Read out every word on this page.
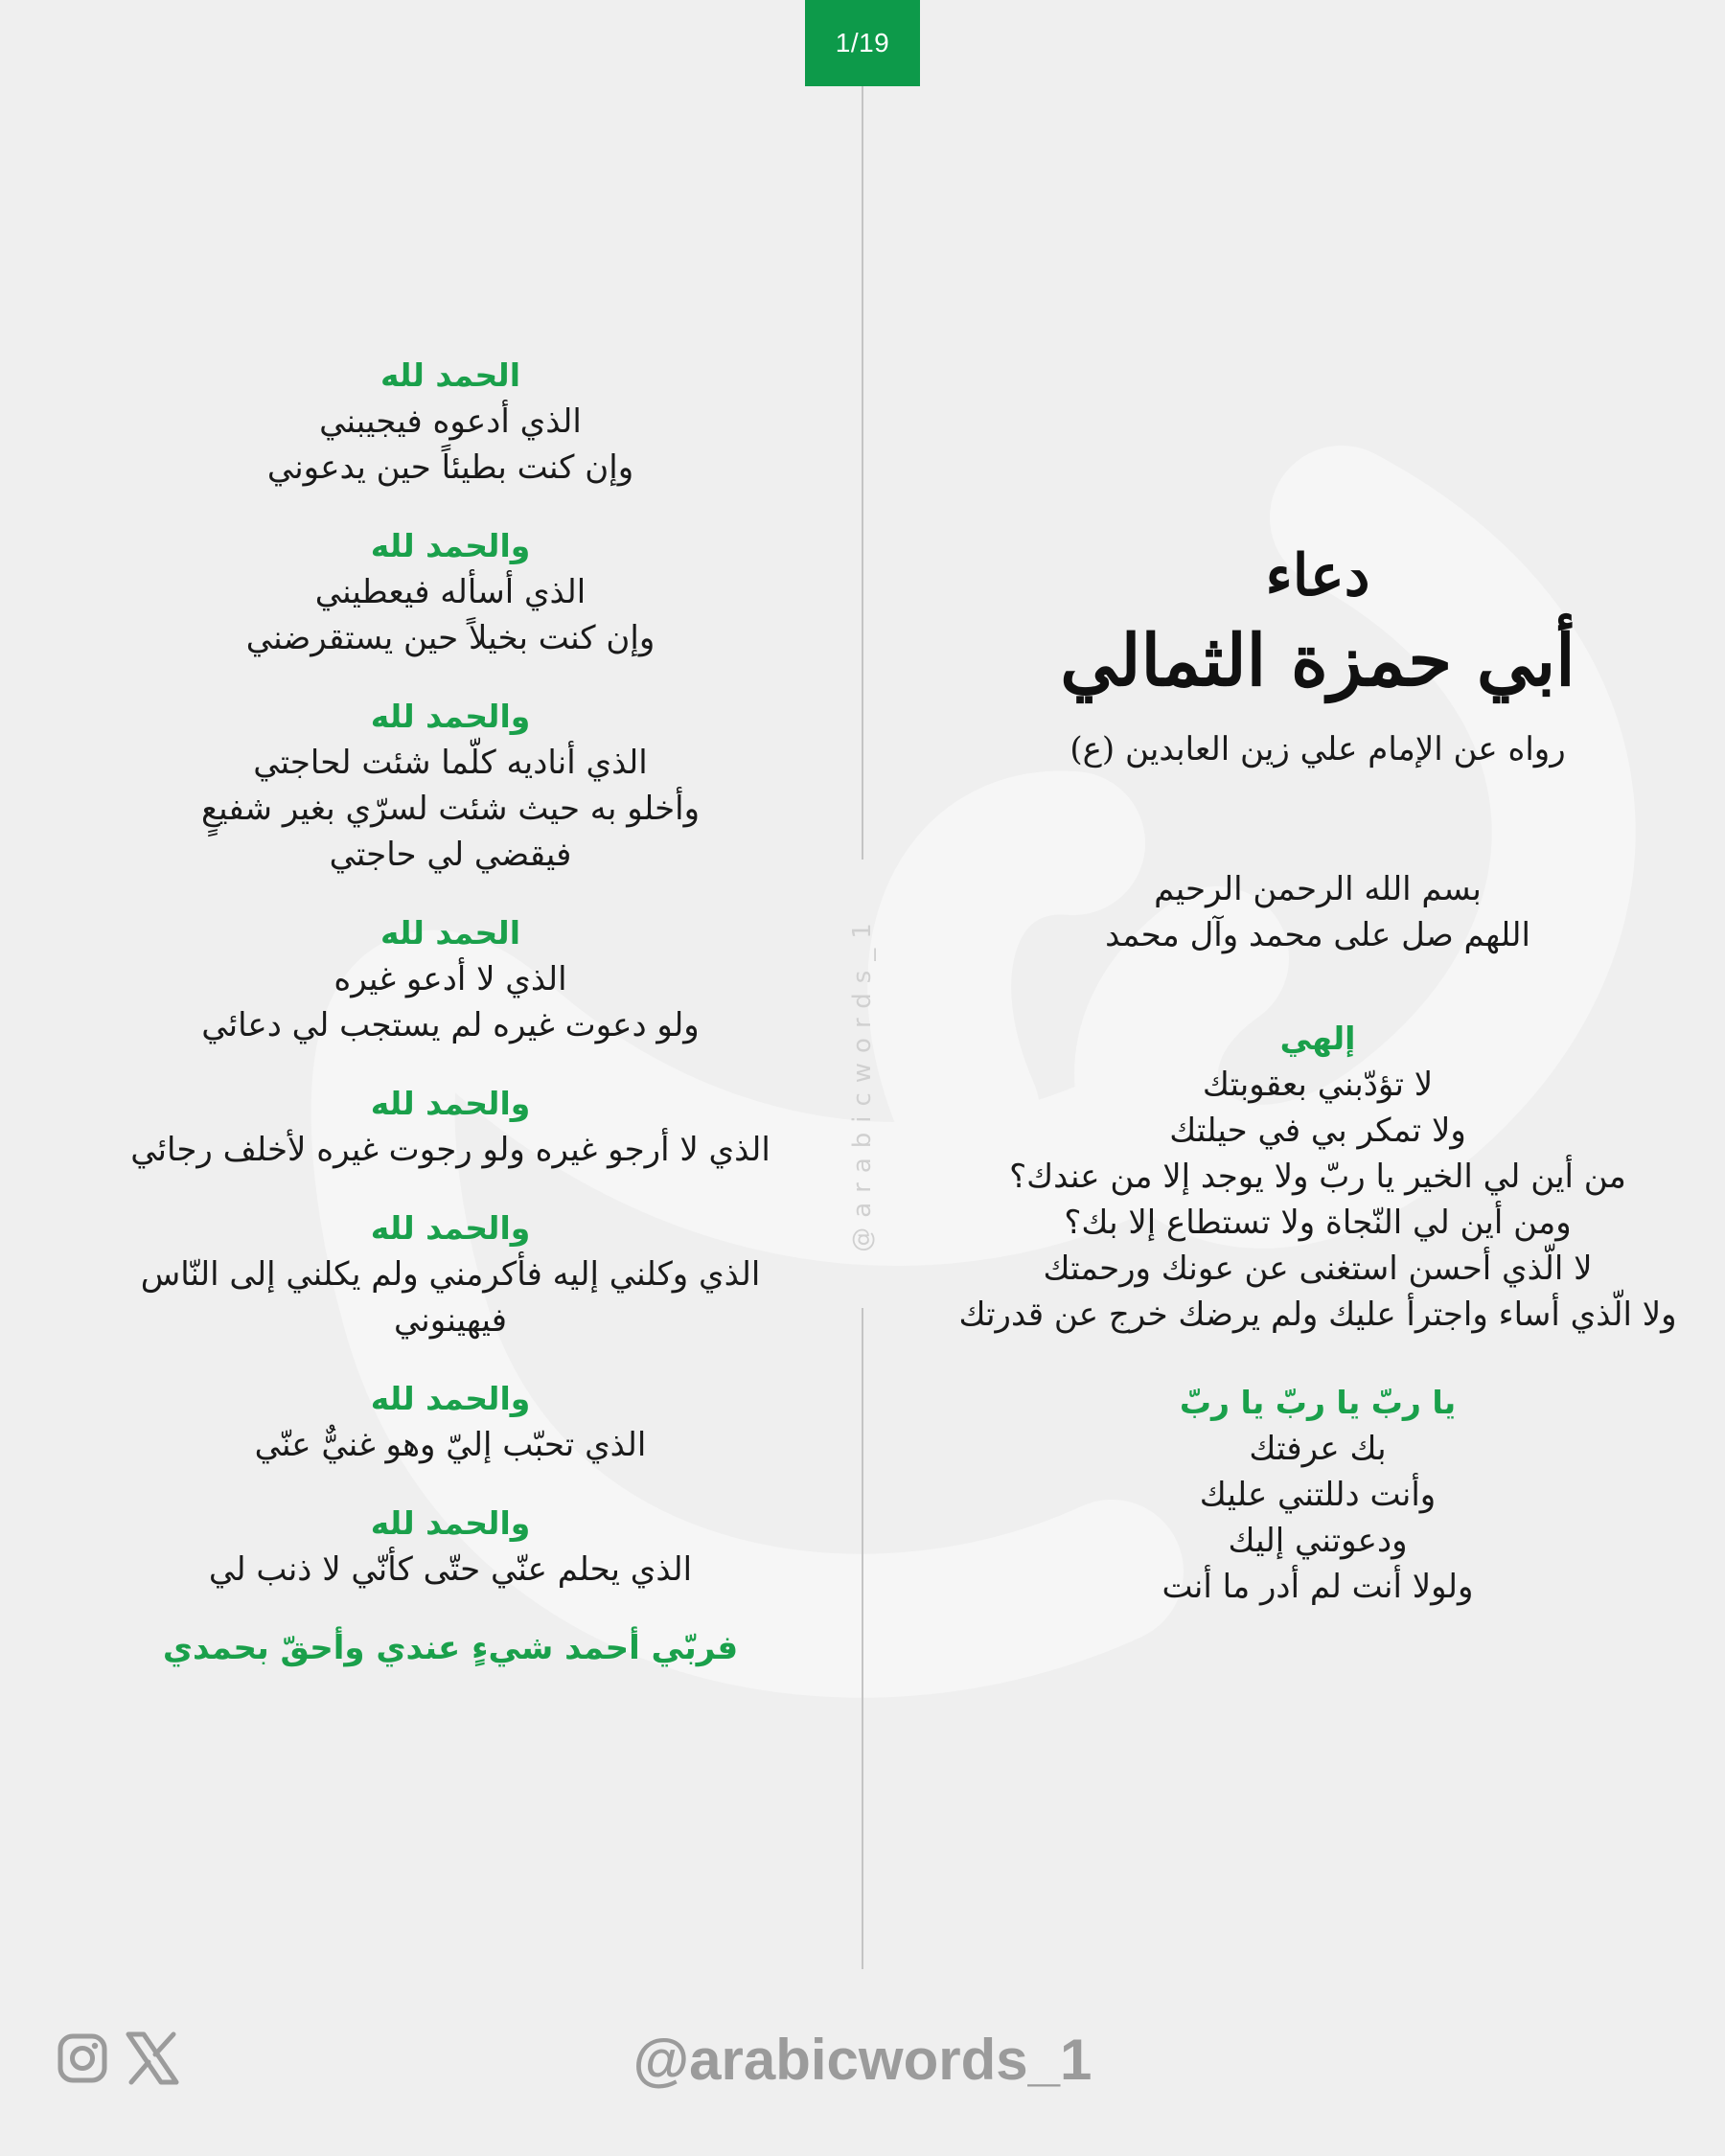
1/19
@arabicwords_1
دعاء
أبي حمزة الثمالي
رواه عن الإمام علي زين العابدين (ع)
بسم الله الرحمن الرحيم
اللهم صل على محمد وآل محمد
إلهي
لا تؤدّبني بعقوبتك
ولا تمكر بي في حيلتك
من أين لي الخير يا ربّ ولا يوجد إلا من عندك؟
ومن أين لي النّجاة ولا تستطاع إلا بك؟
لا الّذي أحسن استغنى عن عونك ورحمتك
ولا الّذي أساء واجترأ عليك ولم يرضك خرج عن قدرتك
يا ربّ يا ربّ يا ربّ
بك عرفتك
وأنت دللتني عليك
ودعوتني إليك
ولولا أنت لم أدر ما أنت
الحمد لله
الذي أدعوه فيجيبني
وإن كنت بطيئاً حين يدعوني
والحمد لله
الذي أسأله فيعطيني
وإن كنت بخيلاً حين يستقرضني
والحمد لله
الذي أناديه كلّما شئت لحاجتي
وأخلو به حيث شئت لسرّي بغير شفيعٍ
فيقضي لي حاجتي
الحمد لله
الذي لا أدعو غيره
ولو دعوت غيره لم يستجب لي دعائي
والحمد لله
الذي لا أرجو غيره ولو رجوت غيره لأخلف رجائي
والحمد لله
الذي وكلني إليه فأكرمني ولم يكلني إلى النّاس
فيهينوني
والحمد لله
الذي تحبّب إليّ وهو غنيٌّ عنّي
والحمد لله
الذي يحلم عنّي حتّى كأنّي لا ذنب لي
فربّي أحمد شيءٍ عندي وأحقّ بحمدي
@arabicwords_1
